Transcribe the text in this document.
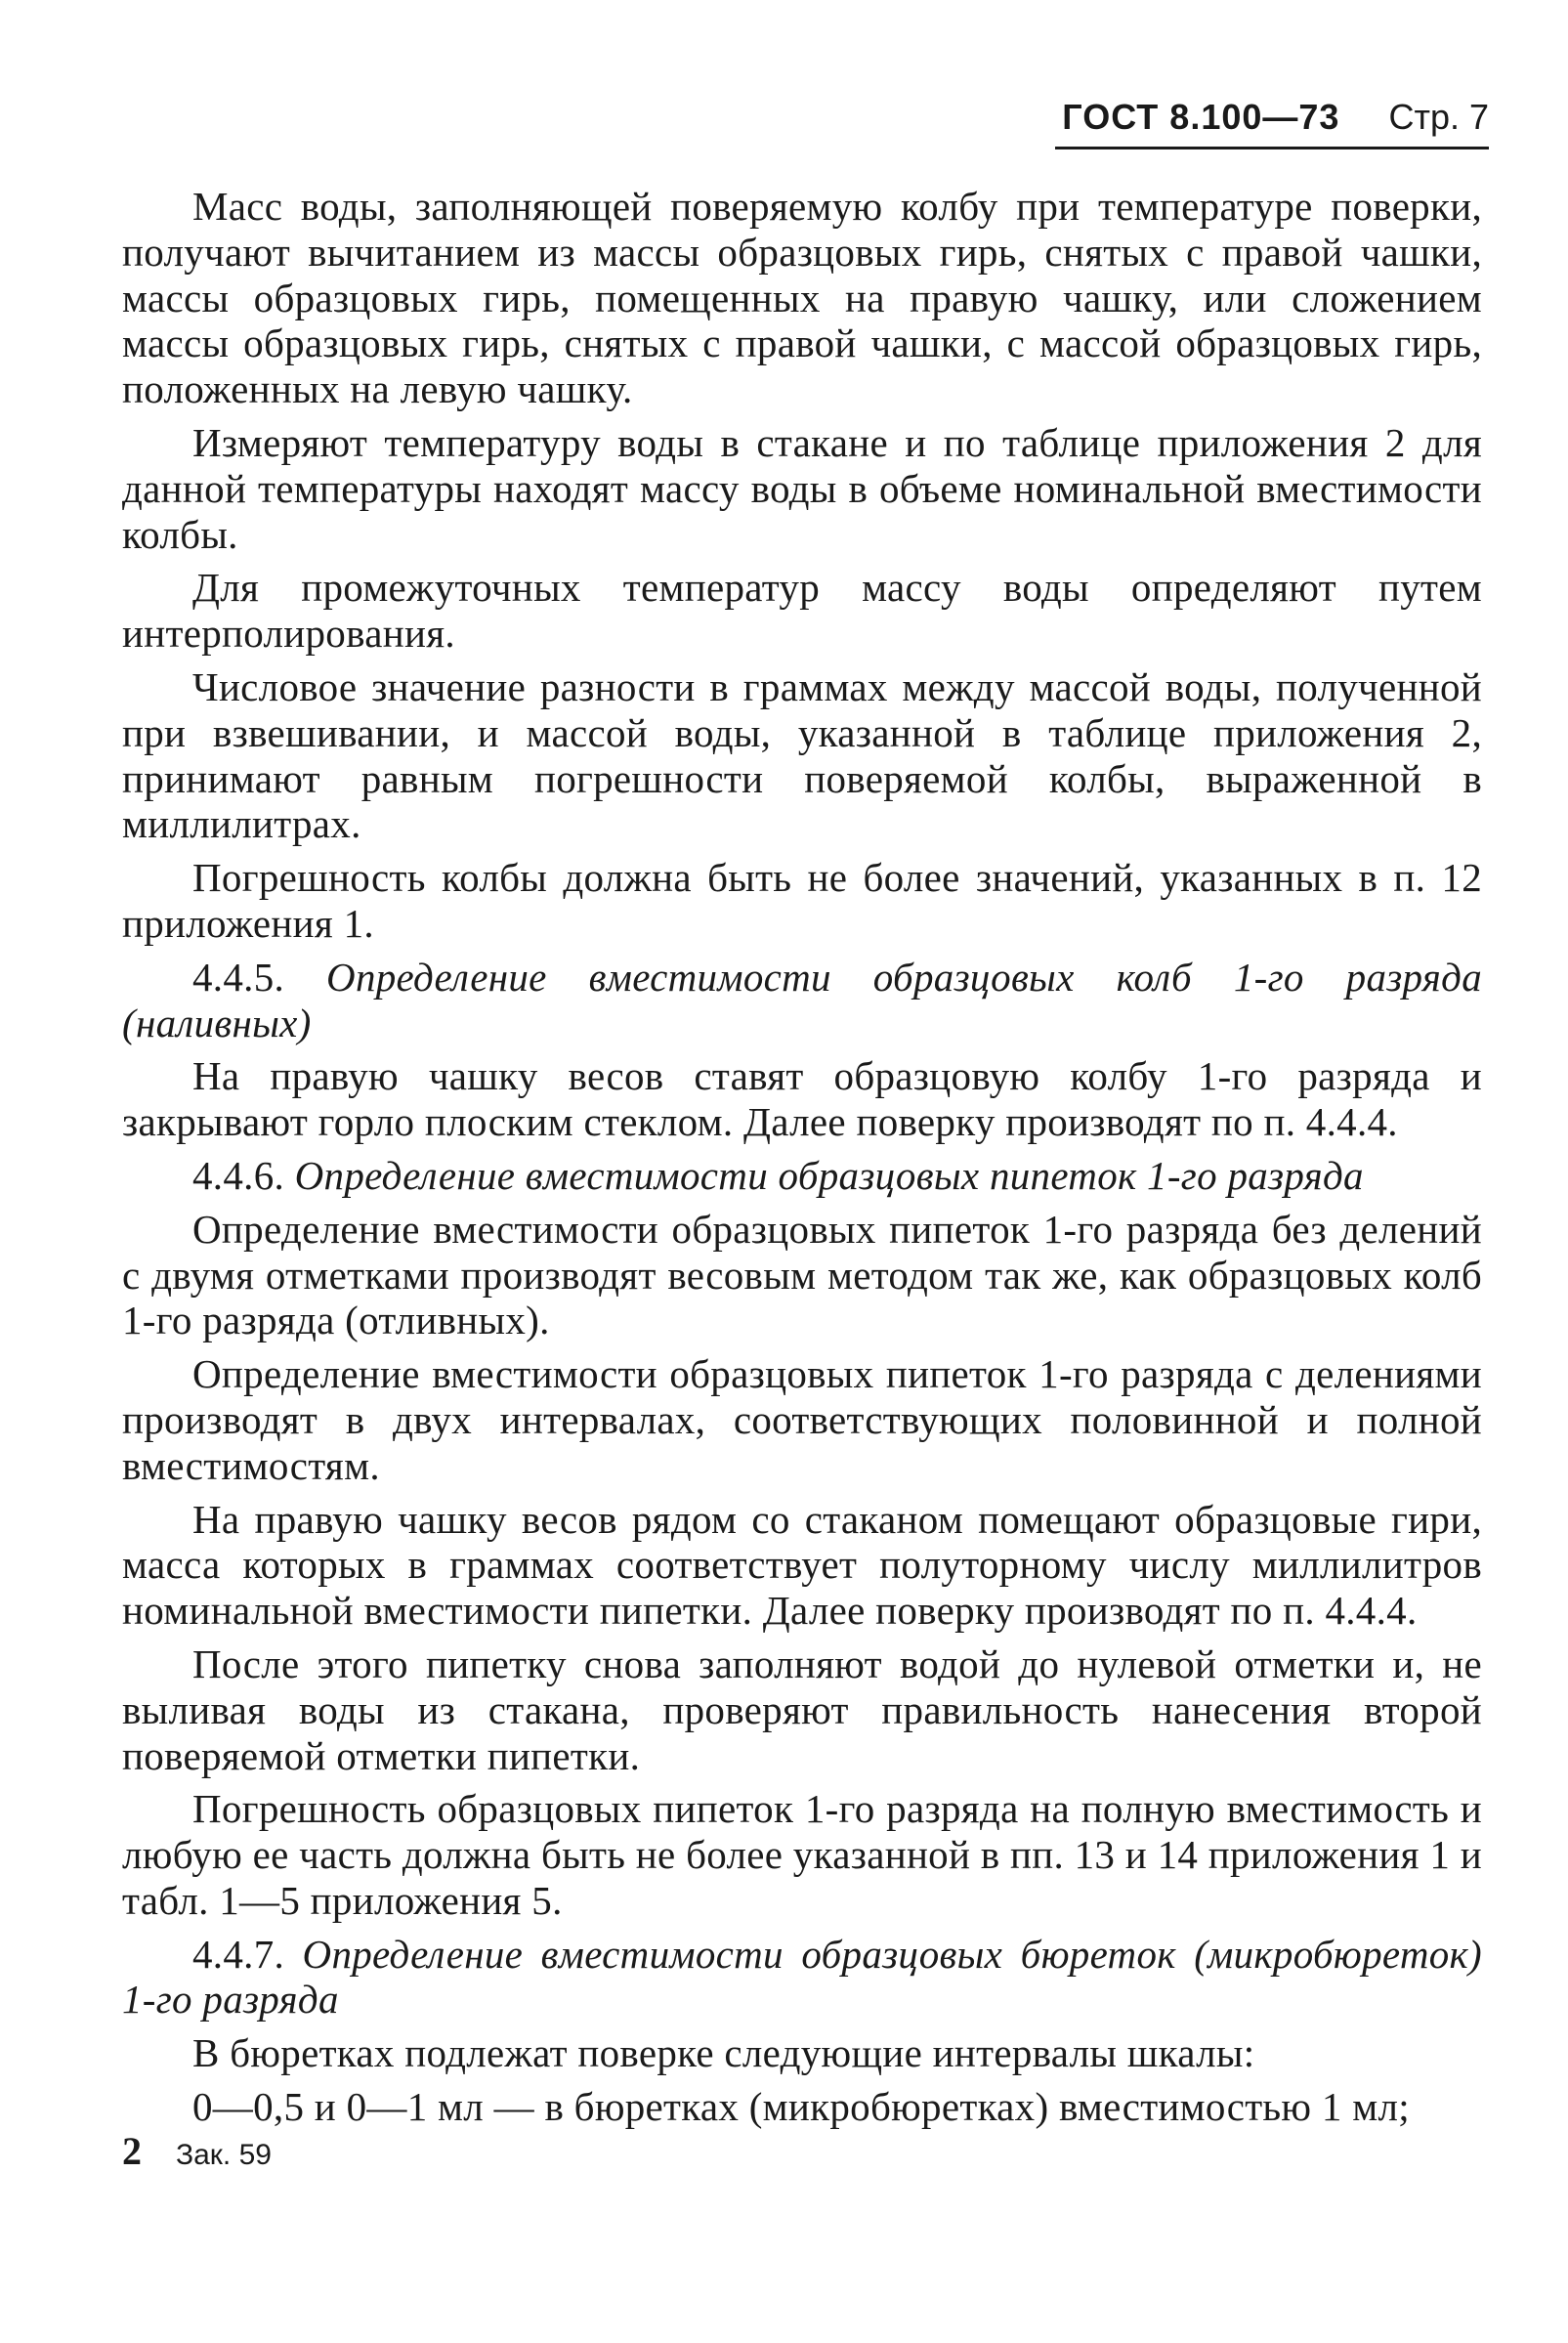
ГОСТ 8.100—73 Стр. 7

Масс воды, заполняющей поверяемую колбу при температуре поверки, получают вычитанием из массы образцовых гирь, снятых с правой чашки, массы образцовых гирь, помещенных на правую чашку, или сложением массы образцовых гирь, снятых с правой чашки, с массой образцовых гирь, положенных на левую чашку.

Измеряют температуру воды в стакане и по таблице приложения 2 для данной температуры находят массу воды в объеме номинальной вместимости колбы.

Для промежуточных температур массу воды определяют путем интерполирования.

Числовое значение разности в граммах между массой воды, полученной при взвешивании, и массой воды, указанной в таблице приложения 2, принимают равным погрешности поверяемой колбы, выраженной в миллилитрах.

Погрешность колбы должна быть не более значений, указанных в п. 12 приложения 1.

4.4.5. Определение вместимости образцовых колб 1-го разряда (наливных)

На правую чашку весов ставят образцовую колбу 1-го разряда и закрывают горло плоским стеклом. Далее поверку производят по п. 4.4.4.

4.4.6. Определение вместимости образцовых пипеток 1-го разряда

Определение вместимости образцовых пипеток 1-го разряда без делений с двумя отметками производят весовым методом так же, как образцовых колб 1-го разряда (отливных).

Определение вместимости образцовых пипеток 1-го разряда с делениями производят в двух интервалах, соответствующих половинной и полной вместимостям.

На правую чашку весов рядом со стаканом помещают образцовые гири, масса которых в граммах соответствует полуторному числу миллилитров номинальной вместимости пипетки. Далее поверку производят по п. 4.4.4.

После этого пипетку снова заполняют водой до нулевой отметки и, не выливая воды из стакана, проверяют правильность нанесения второй поверяемой отметки пипетки.

Погрешность образцовых пипеток 1-го разряда на полную вместимость и любую ее часть должна быть не более указанной в пп. 13 и 14 приложения 1 и табл. 1—5 приложения 5.

4.4.7. Определение вместимости образцовых бюреток (микробюреток) 1-го разряда

В бюретках подлежат поверке следующие интервалы шкалы:

0—0,5 и 0—1 мл — в бюретках (микробюретках) вместимостью 1 мл;

2 Зак. 59
